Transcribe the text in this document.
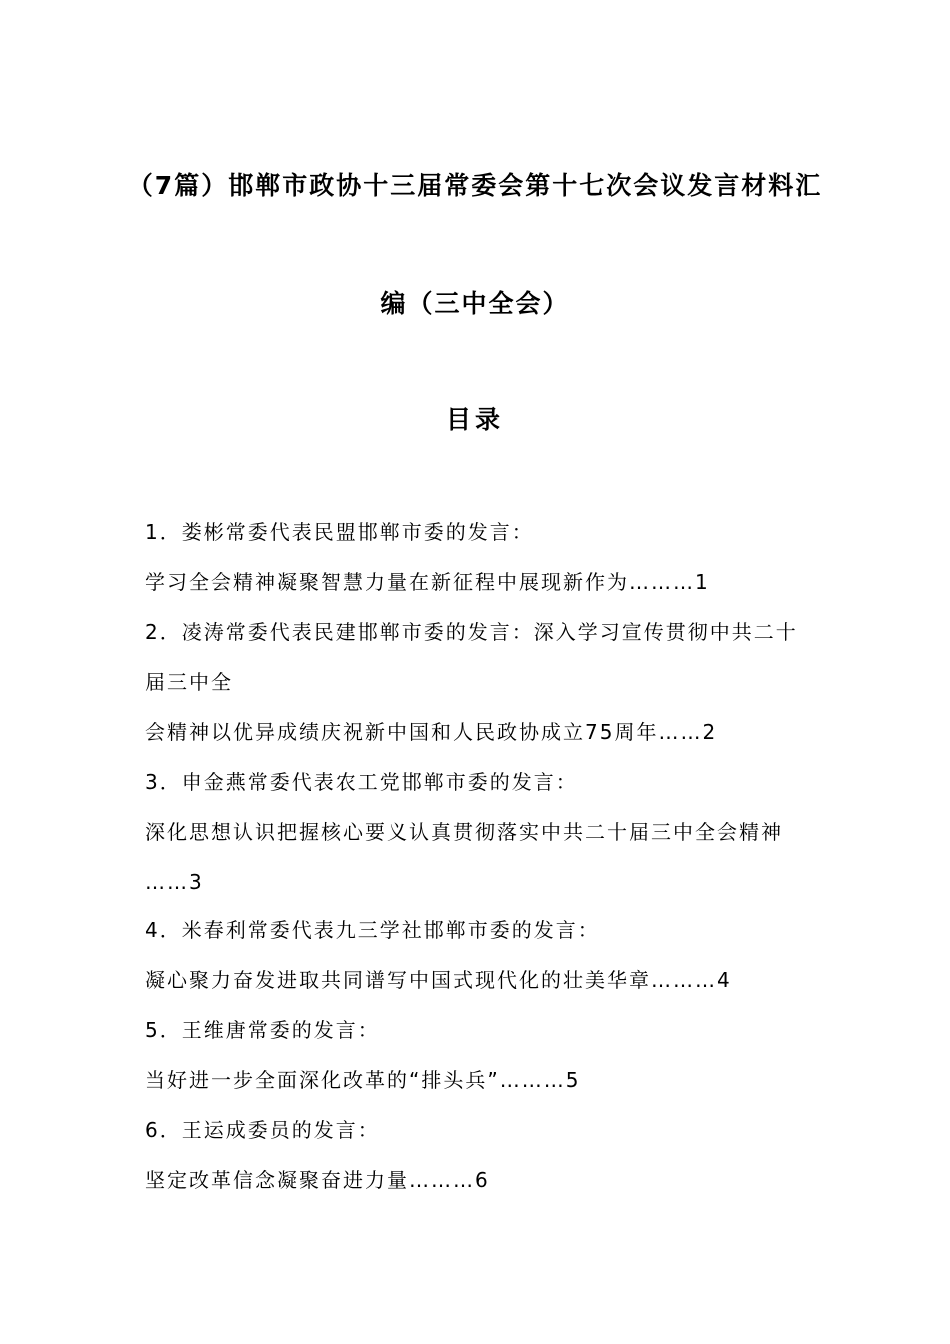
（7篇）邯郸市政协十三届常委会第十七次会议发言材料汇
编（三中全会）
目录
1．娄彬常委代表民盟邯郸市委的发言：
学习全会精神凝聚智慧力量在新征程中展现新作为………1
2．凌涛常委代表民建邯郸市委的发言：深入学习宣传贯彻中共二十
届三中全
会精神以优异成绩庆祝新中国和人民政协成立75周年……2
3．申金燕常委代表农工党邯郸市委的发言：
深化思想认识把握核心要义认真贯彻落实中共二十届三中全会精神
……3
4．米春利常委代表九三学社邯郸市委的发言：
凝心聚力奋发进取共同谱写中国式现代化的壮美华章………4
5．王维唐常委的发言：
当好进一步全面深化改革的“排头兵”………5
6．王运成委员的发言：
坚定改革信念凝聚奋进力量………6
